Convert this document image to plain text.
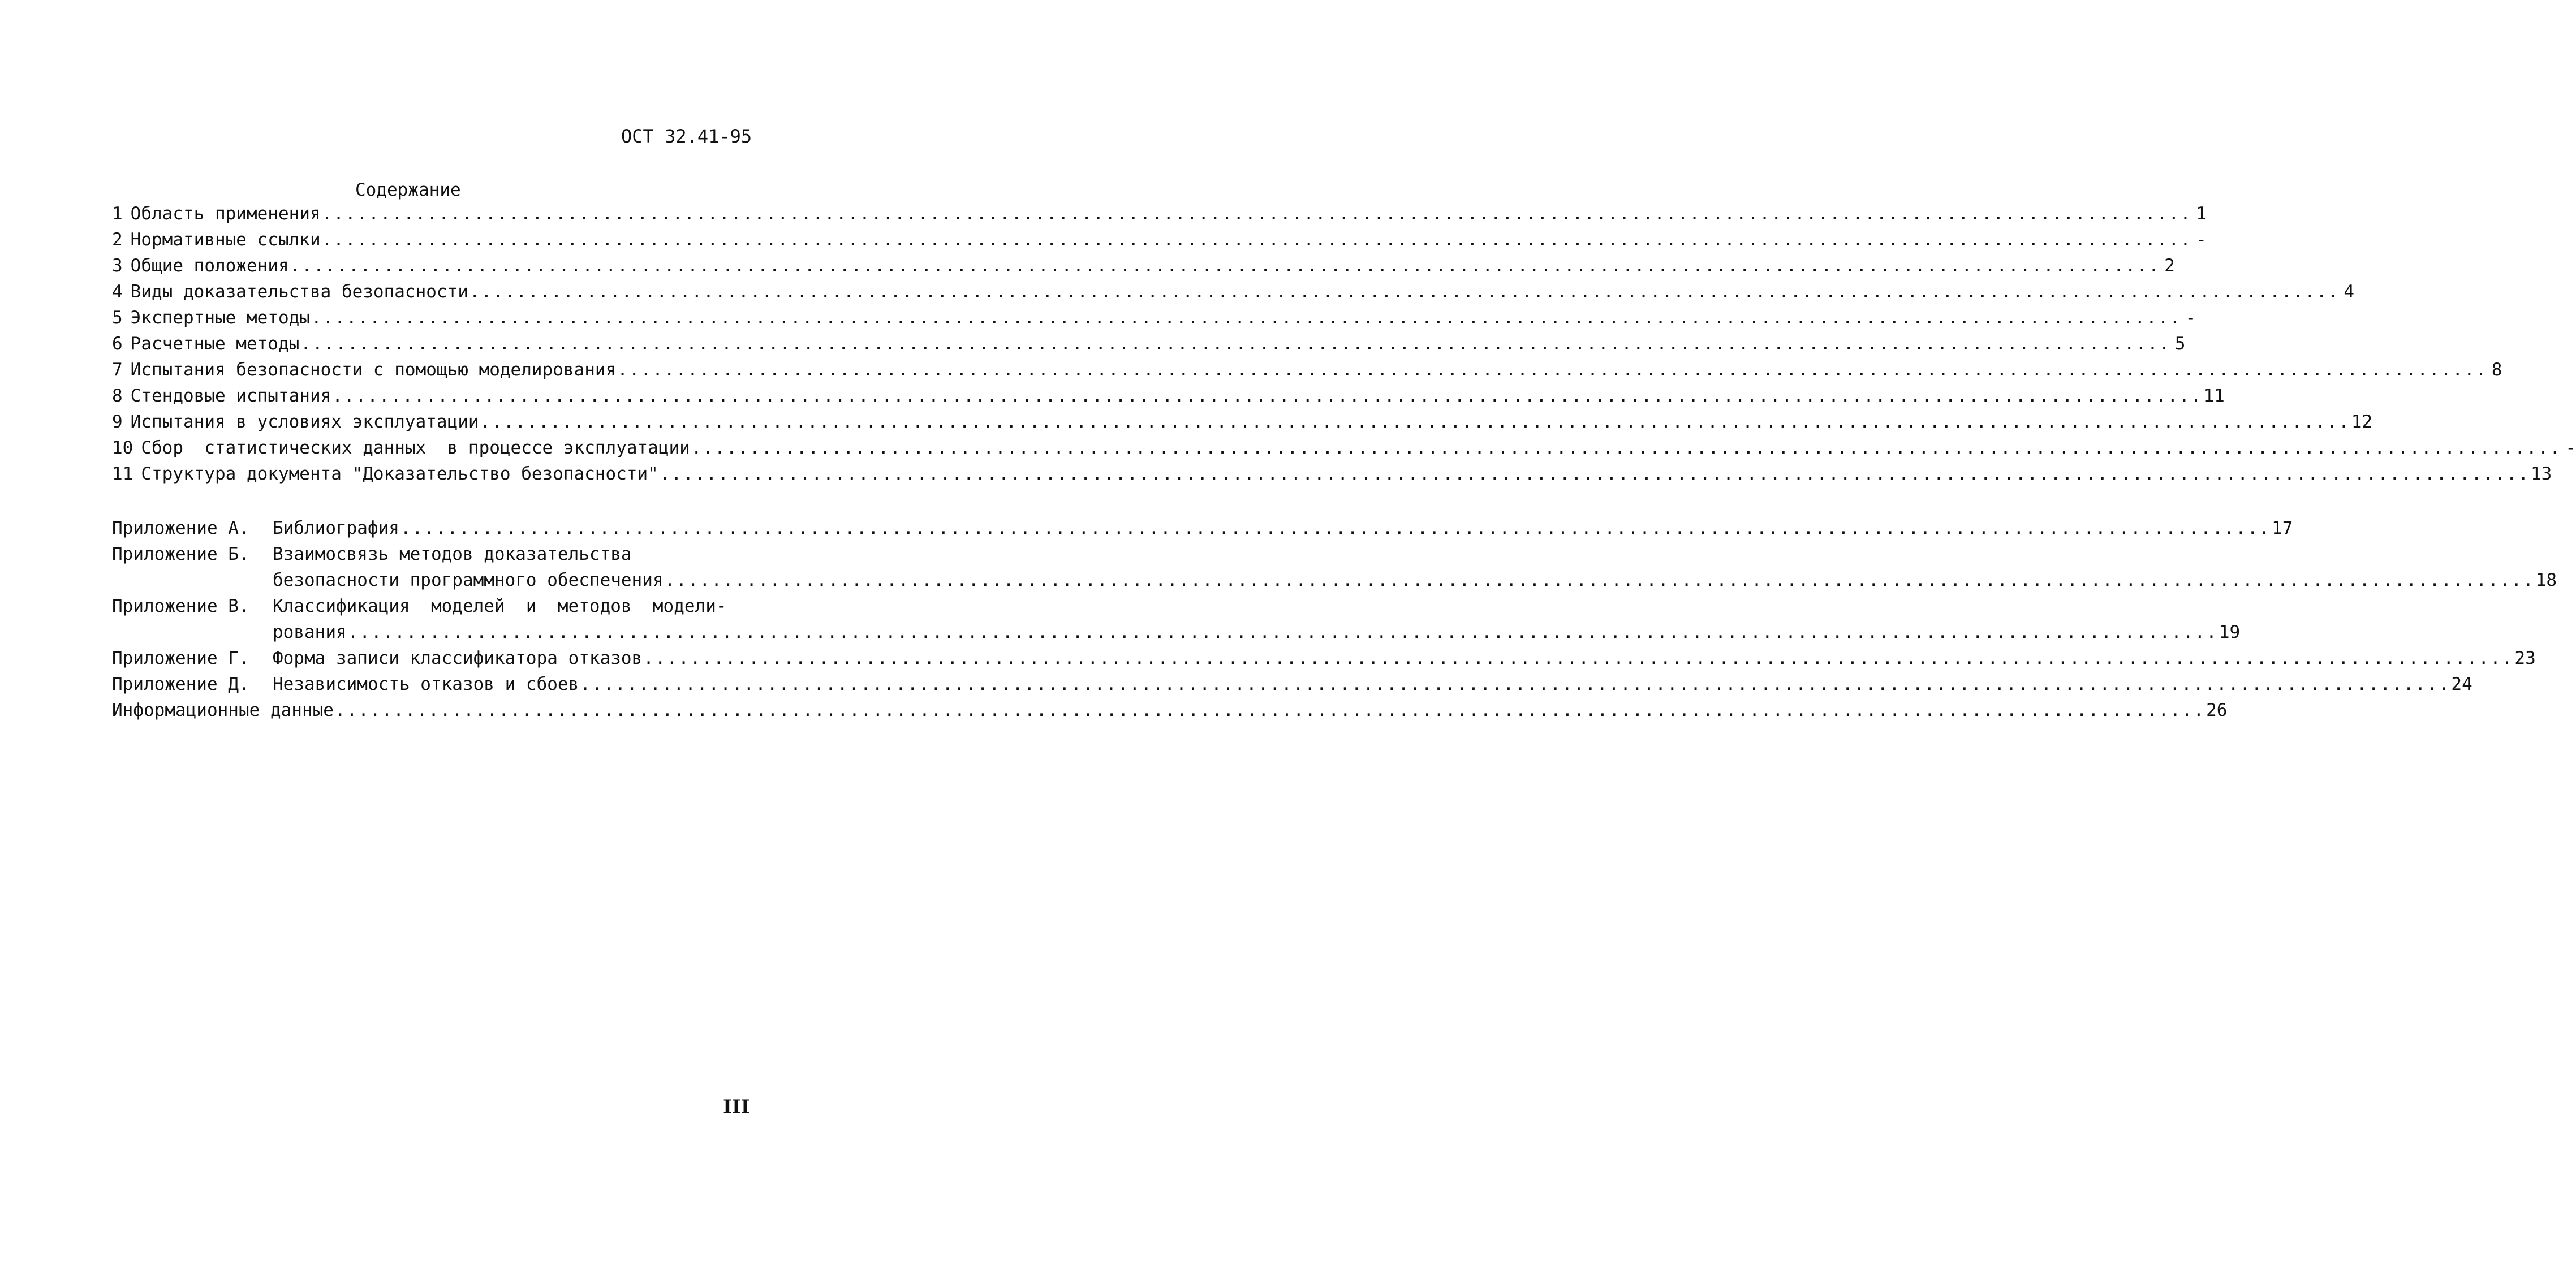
ОСТ 32.41-95
Содержание
1 Область применения .....	1
2 Нормативные ссылки .....	-
3 Общие положения .....	2
4 Виды доказательства безопасности .....	4
5 Экспертные методы .....	-
6 Расчетные методы .....	5
7 Испытания безопасности с помощью моделирования .....	8
8 Стендовые испытания .....	11
9 Испытания в условиях эксплуатации .....	12
10 Сбор  статистических данных  в процессе эксплуатации .....	-
11 Структура документа "Доказательство безопасности" .....	13
Приложение А.	Библиография .....	17
Приложение Б.	Взаимосвязь методов доказательства
безопасности программного обеспечения .....	18
Приложение В.	Классификация  моделей  и  методов  модели-
рования .....	19
Приложение Г.	Форма записи классификатора отказов .....	23
Приложение Д.	Независимость отказов и сбоев .....	24
Информационные данные .....	26
III
